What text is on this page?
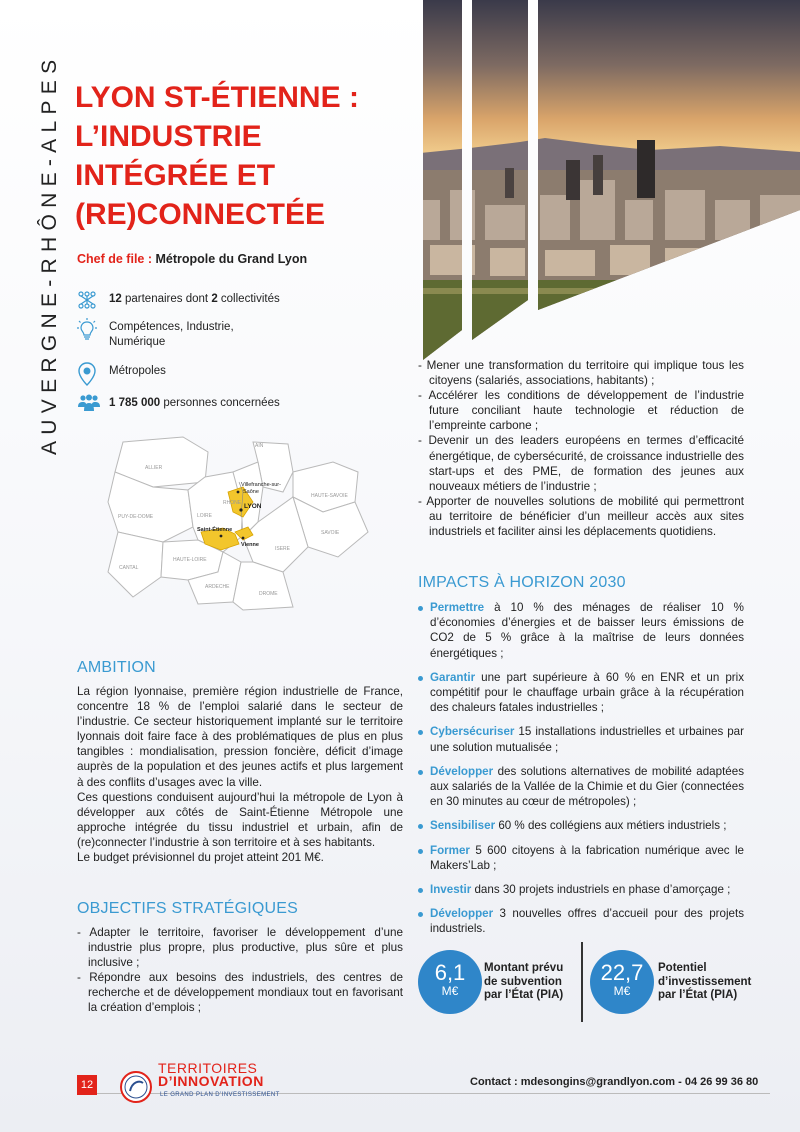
AUVERGNE-RHÔNE-ALPES LYON ST-ÉTIENNE :
L’INDUSTRIE
INTÉGRÉE ET
(RE)CONNECTÉE
Chef de file : Métropole du Grand Lyon
12 partenaires dont 2 collectivités
Compétences, Industrie, Numérique
Métropoles
1 785 000 personnes concernées
ALLIER
AIN
PUY-DE-DOME	LOIRE
RHONE
HAUTE-SAVOIE
SAVOIE
CANTAL
HAUTE-LOIRE
ISERE
ARDECHE
DROME
Villefranche-sur-
Saône
LYON
Saint-Étienne
Vienne
AMBITION

La région lyonnaise, première région industrielle de France, concentre 18 % de l’emploi salarié dans le secteur de l’industrie. Ce secteur historiquement implanté sur le territoire lyonnais doit faire face à des problématiques de plus en plus tangibles : mondialisation, pression foncière, déficit d’image auprès de la population et des jeunes actifs et plus largement à des conflits d’usages avec la ville.

Ces questions conduisent aujourd’hui la métropole de Lyon à développer aux côtés de Saint-Étienne Métropole une approche intégrée du tissu industriel et urbain, afin de (re)connecter l’industrie à son territoire et à ses habitants.

Le budget prévisionnel du projet atteint 201 M€.

OBJECTIFS STRATÉGIQUES
- Adapter le territoire, favoriser le développement d’une industrie plus propre, plus productive, plus sûre et plus inclusive ;
- Répondre aux besoins des industriels, des centres de recherche et de développement mondiaux tout en favorisant la création d’emplois ;
- Mener une transformation du territoire qui implique tous les citoyens (salariés, associations, habitants) ;
- Accélérer les conditions de développement de l’industrie future conciliant haute technologie et réduction de l’empreinte carbone ;
- Devenir un des leaders européens en termes d’efficacité énergétique, de cybersécurité, de croissance industrielle des start-ups et des PME, de formation des jeunes aux nouveaux métiers de l’industrie ;
- Apporter de nouvelles solutions de mobilité qui permettront au territoire de bénéficier d’un meilleur accès aux sites industriels et faciliter ainsi les déplacements quotidiens.
IMPACTS À HORIZON 2030
Permettre à 10 % des ménages de réaliser 10 % d’économies d’énergies et de baisser leurs émissions de CO2 de 5 % grâce à la maîtrise de leurs données énergétiques ;
Garantir une part supérieure à 60 % en ENR et un prix compétitif pour le chauffage urbain grâce à la récupération des chaleurs fatales industrielles ;
Cybersécuriser 15 installations industrielles et urbaines par une solution mutualisée ;
Développer des solutions alternatives de mobilité adaptées aux salariés de la Vallée de la Chimie et du Gier (connectées en 30 minutes au cœur de métropoles) ;
Sensibiliser 60 % des collégiens aux métiers industriels ;
Former 5 600 citoyens à la fabrication numérique avec le Makers’Lab ;
Investir dans 30 projets industriels en phase d’amorçage ;
Développer 3 nouvelles offres d’accueil pour des projets industriels.
6,1
M€
Montant prévu
de subvention
par l’État (PIA)
22,7
M€
Potentiel
d’investissement
par l’État (PIA)
12
TERRITOIRES
D’INNOVATION
LE GRAND PLAN D’INVESTISSEMENT
Contact : mdesongins@grandlyon.com - 04 26 99 36 80
